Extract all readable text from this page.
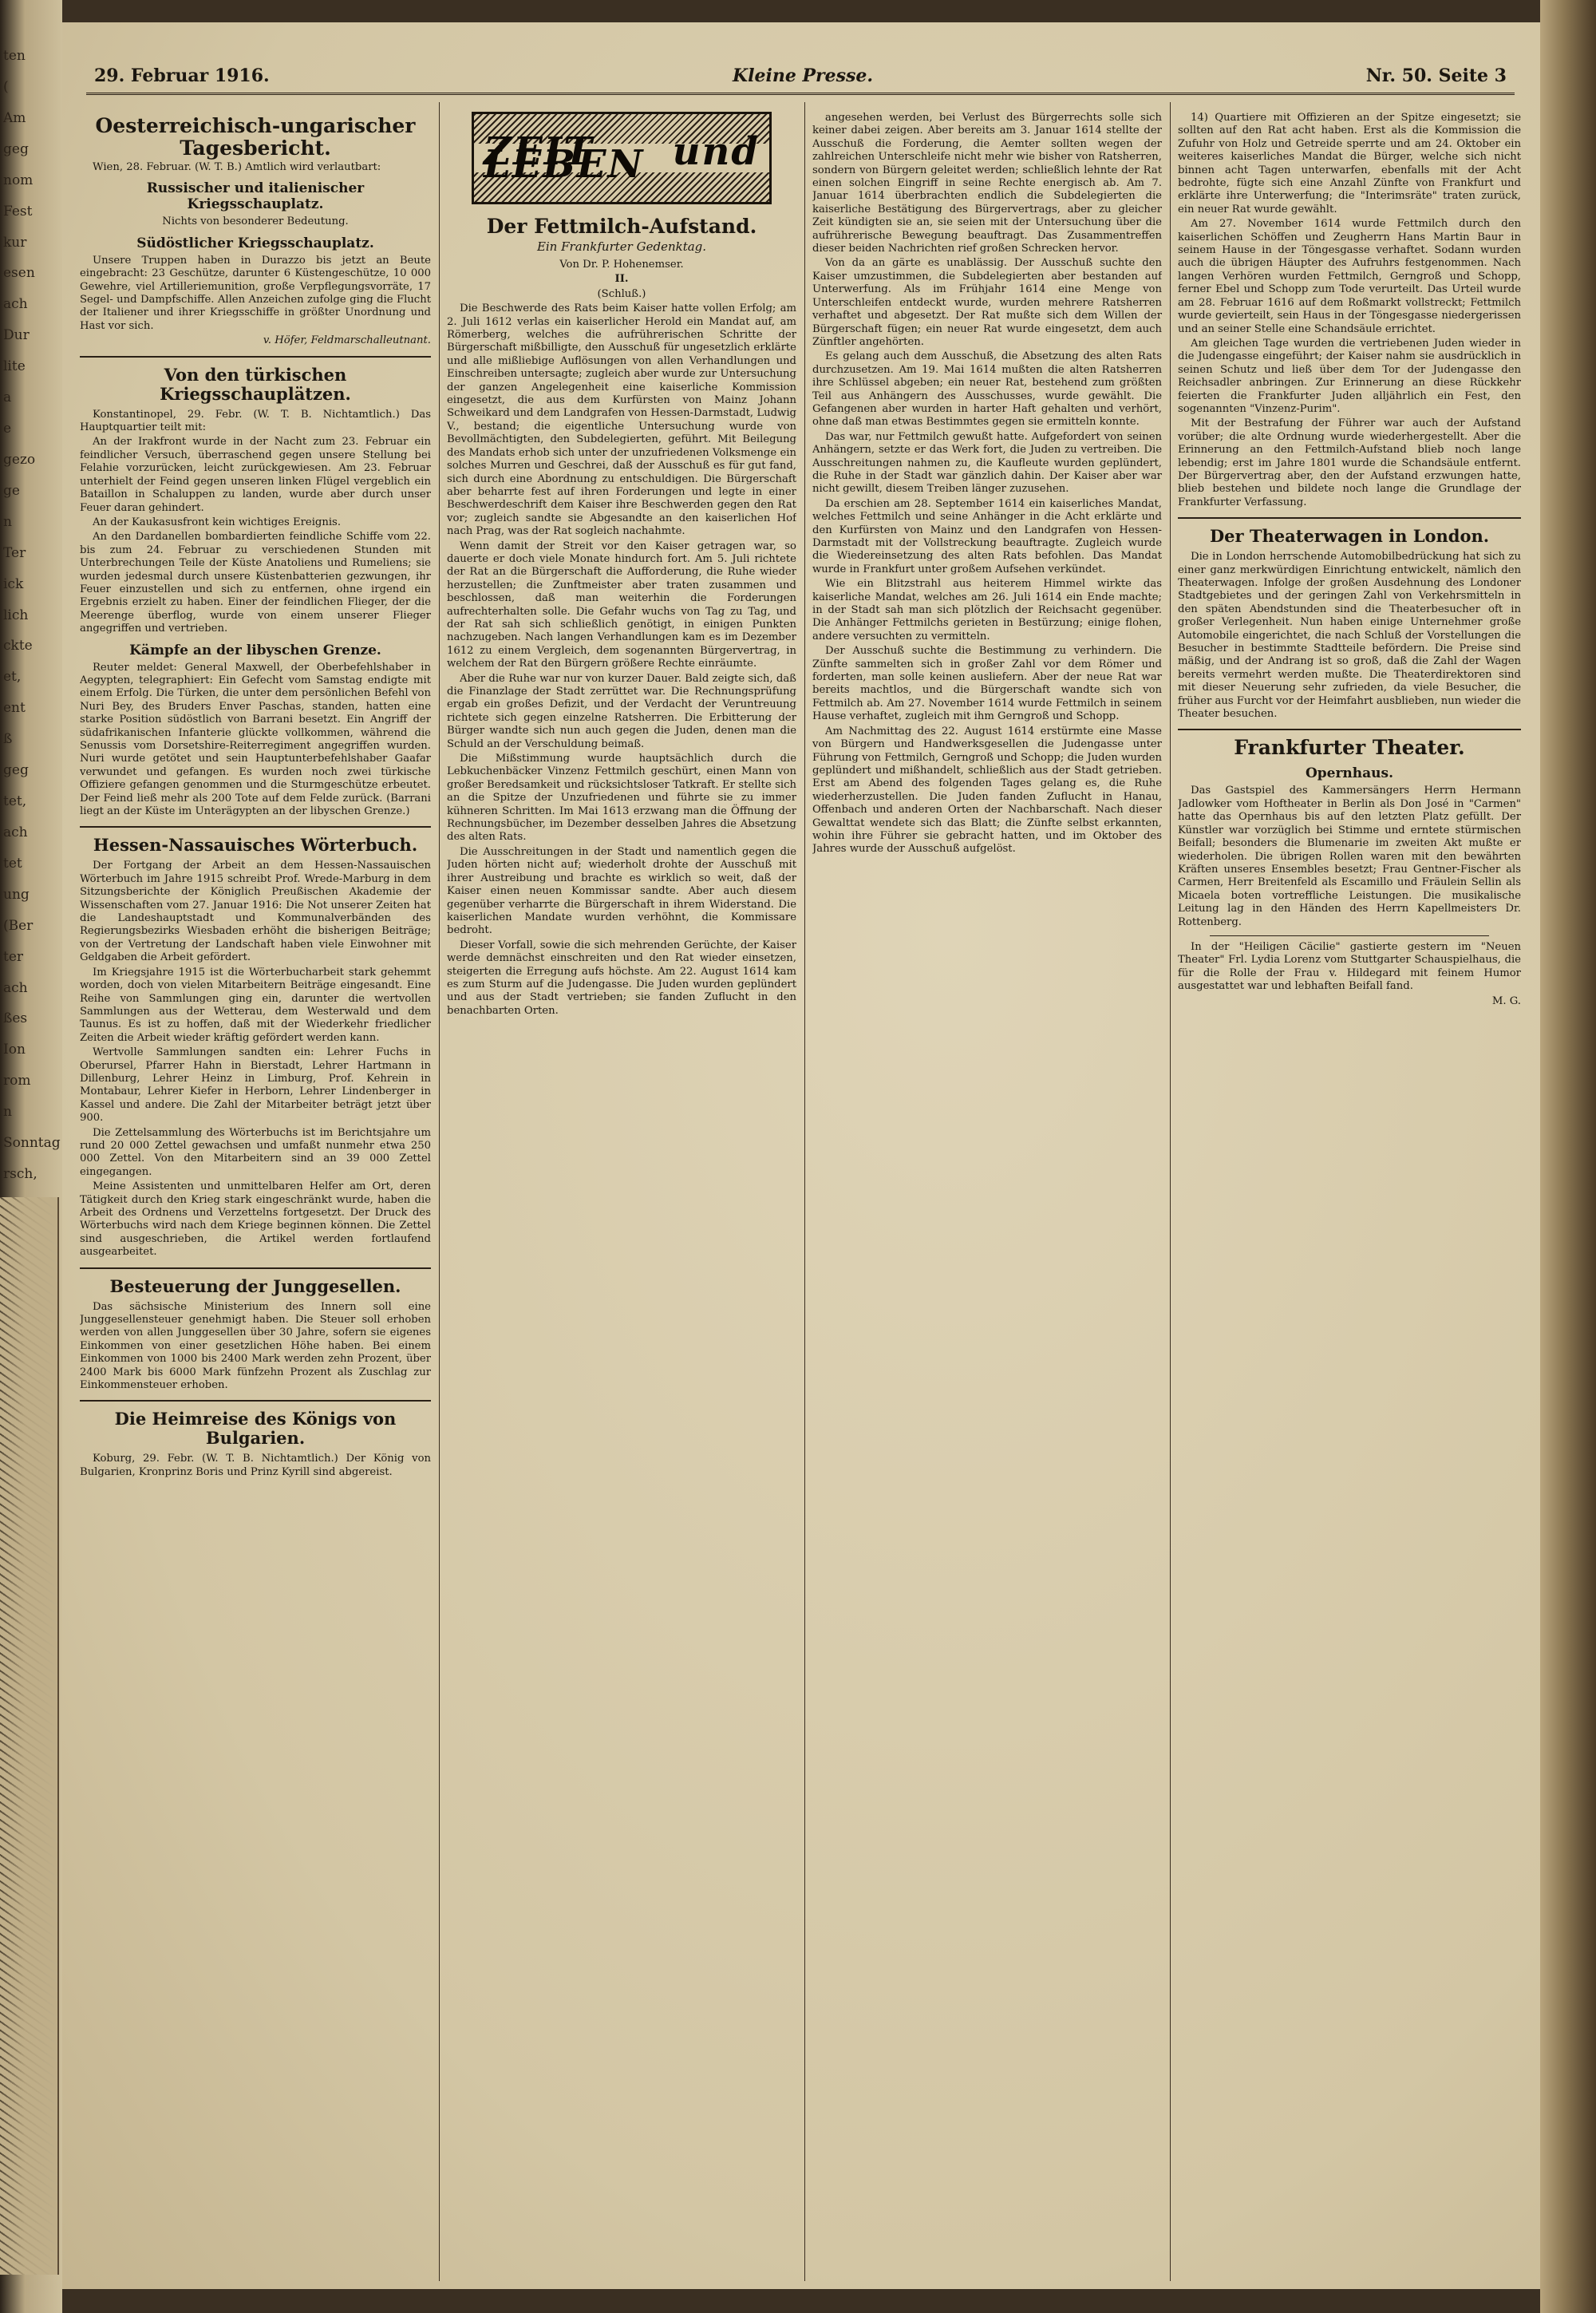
ten
(
Am
geg
nom
Fest
kur
esen
ach
Dur
lite
a
e
gezo
ge
n
Ter
ick
lich
ckte
et,
ent
ß
geg
tet,
ach
tet
ung
(Ber
ter
ach
ßes
Ion
rom
n
Sonntag
rsch,
29. Februar 1916.	Kleine Presse.	Nr. 50. Seite 3

Oesterreichisch-ungarischer Tagesbericht.

Wien, 28. Februar. (W. T. B.) Amtlich wird verlautbart:

Russischer und italienischer Kriegsschauplatz.

Nichts von besonderer Bedeutung.

Südöstlicher Kriegsschauplatz.

Unsere Truppen haben in Durazzo bis jetzt an Beute eingebracht: 23 Geschütze, darunter 6 Küstengeschütze, 10 000 Gewehre, viel Artilleriemunition, große Verpflegungsvorräte, 17 Segel- und Dampfschiffe. Allen Anzeichen zufolge ging die Flucht der Italiener und ihrer Kriegsschiffe in größter Unordnung und Hast vor sich.

v. Höfer, Feldmarschalleutnant.

Von den türkischen Kriegsschauplätzen.

Konstantinopel, 29. Febr. (W. T. B. Nichtamtlich.) Das Hauptquartier teilt mit:

An der Irakfront wurde in der Nacht zum 23. Februar ein feindlicher Versuch, überraschend gegen unsere Stellung bei Felahie vorzurücken, leicht zurückgewiesen. Am 23. Februar unterhielt der Feind gegen unseren linken Flügel vergeblich ein Bataillon in Schaluppen zu landen, wurde aber durch unser Feuer daran gehindert.

An der Kaukasusfront kein wichtiges Ereignis.

An den Dardanellen bombardierten feindliche Schiffe vom 22. bis zum 24. Februar zu verschiedenen Stunden mit Unterbrechungen Teile der Küste Anatoliens und Rumeliens; sie wurden jedesmal durch unsere Küstenbatterien gezwungen, ihr Feuer einzustellen und sich zu entfernen, ohne irgend ein Ergebnis erzielt zu haben. Einer der feindlichen Flieger, der die Meerenge überflog, wurde von einem unserer Flieger angegriffen und vertrieben.

Kämpfe an der libyschen Grenze.

Reuter meldet: General Maxwell, der Oberbefehlshaber in Aegypten, telegraphiert: Ein Gefecht vom Samstag endigte mit einem Erfolg. Die Türken, die unter dem persönlichen Befehl von Nuri Bey, des Bruders Enver Paschas, standen, hatten eine starke Position südöstlich von Barrani besetzt. Ein Angriff der südafrikanischen Infanterie glückte vollkommen, während die Senussis vom Dorsetshire-Reiterregiment angegriffen wurden. Nuri wurde getötet und sein Hauptunterbefehlshaber Gaafar verwundet und gefangen. Es wurden noch zwei türkische Offiziere gefangen genommen und die Sturmgeschütze erbeutet. Der Feind ließ mehr als 200 Tote auf dem Felde zurück. (Barrani liegt an der Küste im Unterägypten an der libyschen Grenze.)

Hessen-Nassauisches Wörterbuch.

Der Fortgang der Arbeit an dem Hessen-Nassauischen Wörterbuch im Jahre 1915 schreibt Prof. Wrede-Marburg in dem Sitzungsberichte der Königlich Preußischen Akademie der Wissenschaften vom 27. Januar 1916: Die Not unserer Zeiten hat die Landeshauptstadt und Kommunalverbänden des Regierungsbezirks Wiesbaden erhöht die bisherigen Beiträge; von der Vertretung der Landschaft haben viele Einwohner mit Geldgaben die Arbeit gefördert.

Im Kriegsjahre 1915 ist die Wörterbucharbeit stark gehemmt worden, doch von vielen Mitarbeitern Beiträge eingesandt. Eine Reihe von Sammlungen ging ein, darunter die wertvollen Sammlungen aus der Wetterau, dem Westerwald und dem Taunus. Es ist zu hoffen, daß mit der Wiederkehr friedlicher Zeiten die Arbeit wieder kräftig gefördert werden kann.

Wertvolle Sammlungen sandten ein: Lehrer Fuchs in Oberursel, Pfarrer Hahn in Bierstadt, Lehrer Hartmann in Dillenburg, Lehrer Heinz in Limburg, Prof. Kehrein in Montabaur, Lehrer Kiefer in Herborn, Lehrer Lindenberger in Kassel und andere. Die Zahl der Mitarbeiter beträgt jetzt über 900.

Die Zettelsammlung des Wörterbuchs ist im Berichtsjahre um rund 20 000 Zettel gewachsen und umfaßt nunmehr etwa 250 000 Zettel. Von den Mitarbeitern sind an 39 000 Zettel eingegangen.

Meine Assistenten und unmittelbaren Helfer am Ort, deren Tätigkeit durch den Krieg stark eingeschränkt wurde, haben die Arbeit des Ordnens und Verzettelns fortgesetzt. Der Druck des Wörterbuchs wird nach dem Kriege beginnen können. Die Zettel sind ausgeschrieben, die Artikel werden fortlaufend ausgearbeitet.

Besteuerung der Junggesellen.

Das sächsische Ministerium des Innern soll eine Junggesellensteuer genehmigt haben. Die Steuer soll erhoben werden von allen Junggesellen über 30 Jahre, sofern sie eigenes Einkommen von einer gesetzlichen Höhe haben. Bei einem Einkommen von 1000 bis 2400 Mark werden zehn Prozent, über 2400 Mark bis 6000 Mark fünfzehn Prozent als Zuschlag zur Einkommensteuer erhoben.

Die Heimreise des Königs von Bulgarien.

Koburg, 29. Febr. (W. T. B. Nichtamtlich.) Der König von Bulgarien, Kronprinz Boris und Prinz Kyrill sind abgereist.

ZEIT und LEBEN

Der Fettmilch-Aufstand.

Ein Frankfurter Gedenktag.

Von Dr. P. Hohenemser.

II.

(Schluß.)

Die Beschwerde des Rats beim Kaiser hatte vollen Erfolg; am 2. Juli 1612 verlas ein kaiserlicher Herold ein Mandat auf, am Römerberg, welches die aufrührerischen Schritte der Bürgerschaft mißbilligte, den Ausschuß für ungesetzlich erklärte und alle mißliebige Auflösungen von allen Verhandlungen und Einschreiben untersagte; zugleich aber wurde zur Untersuchung der ganzen Angelegenheit eine kaiserliche Kommission eingesetzt, die aus dem Kurfürsten von Mainz Johann Schweikard und dem Landgrafen von Hessen-Darmstadt, Ludwig V., bestand; die eigentliche Untersuchung wurde von Bevollmächtigten, den Subdelegierten, geführt. Mit Beilegung des Mandats erhob sich unter der unzufriedenen Volksmenge ein solches Murren und Geschrei, daß der Ausschuß es für gut fand, sich durch eine Abordnung zu entschuldigen. Die Bürgerschaft aber beharrte fest auf ihren Forderungen und legte in einer Beschwerdeschrift dem Kaiser ihre Beschwerden gegen den Rat vor; zugleich sandte sie Abgesandte an den kaiserlichen Hof nach Prag, was der Rat sogleich nachahmte.

Wenn damit der Streit vor den Kaiser getragen war, so dauerte er doch viele Monate hindurch fort. Am 5. Juli richtete der Rat an die Bürgerschaft die Aufforderung, die Ruhe wieder herzustellen; die Zunftmeister aber traten zusammen und beschlossen, daß man weiterhin die Forderungen aufrechterhalten solle. Die Gefahr wuchs von Tag zu Tag, und der Rat sah sich schließlich genötigt, in einigen Punkten nachzugeben. Nach langen Verhandlungen kam es im Dezember 1612 zu einem Vergleich, dem sogenannten Bürgervertrag, in welchem der Rat den Bürgern größere Rechte einräumte.

Aber die Ruhe war nur von kurzer Dauer. Bald zeigte sich, daß die Finanzlage der Stadt zerrüttet war. Die Rechnungsprüfung ergab ein großes Defizit, und der Verdacht der Veruntreuung richtete sich gegen einzelne Ratsherren. Die Erbitterung der Bürger wandte sich nun auch gegen die Juden, denen man die Schuld an der Verschuldung beimaß.

Die Mißstimmung wurde hauptsächlich durch die Lebkuchenbäcker Vinzenz Fettmilch geschürt, einen Mann von großer Beredsamkeit und rücksichtsloser Tatkraft. Er stellte sich an die Spitze der Unzufriedenen und führte sie zu immer kühneren Schritten. Im Mai 1613 erzwang man die Öffnung der Rechnungsbücher, im Dezember desselben Jahres die Absetzung des alten Rats.

Die Ausschreitungen in der Stadt und namentlich gegen die Juden hörten nicht auf; wiederholt drohte der Ausschuß mit ihrer Austreibung und brachte es wirklich so weit, daß der Kaiser einen neuen Kommissar sandte. Aber auch diesem gegenüber verharrte die Bürgerschaft in ihrem Widerstand. Die kaiserlichen Mandate wurden verhöhnt, die Kommissare bedroht.

Dieser Vorfall, sowie die sich mehrenden Gerüchte, der Kaiser werde demnächst einschreiten und den Rat wieder einsetzen, steigerten die Erregung aufs höchste. Am 22. August 1614 kam es zum Sturm auf die Judengasse. Die Juden wurden geplündert und aus der Stadt vertrieben; sie fanden Zuflucht in den benachbarten Orten.

angesehen werden, bei Verlust des Bürgerrechts solle sich keiner dabei zeigen. Aber bereits am 3. Januar 1614 stellte der Ausschuß die Forderung, die Aemter sollten wegen der zahlreichen Unterschleife nicht mehr wie bisher von Ratsherren, sondern von Bürgern geleitet werden; schließlich lehnte der Rat einen solchen Eingriff in seine Rechte energisch ab. Am 7. Januar 1614 überbrachten endlich die Subdelegierten die kaiserliche Bestätigung des Bürgervertrags, aber zu gleicher Zeit kündigten sie an, sie seien mit der Untersuchung über die aufrührerische Bewegung beauftragt. Das Zusammentreffen dieser beiden Nachrichten rief großen Schrecken hervor.

Von da an gärte es unablässig. Der Ausschuß suchte den Kaiser umzustimmen, die Subdelegierten aber bestanden auf Unterwerfung. Als im Frühjahr 1614 eine Menge von Unterschleifen entdeckt wurde, wurden mehrere Ratsherren verhaftet und abgesetzt. Der Rat mußte sich dem Willen der Bürgerschaft fügen; ein neuer Rat wurde eingesetzt, dem auch Zünftler angehörten.

Es gelang auch dem Ausschuß, die Absetzung des alten Rats durchzusetzen. Am 19. Mai 1614 mußten die alten Ratsherren ihre Schlüssel abgeben; ein neuer Rat, bestehend zum größten Teil aus Anhängern des Ausschusses, wurde gewählt. Die Gefangenen aber wurden in harter Haft gehalten und verhört, ohne daß man etwas Bestimmtes gegen sie ermitteln konnte.

Das war, nur Fettmilch gewußt hatte. Aufgefordert von seinen Anhängern, setzte er das Werk fort, die Juden zu vertreiben. Die Ausschreitungen nahmen zu, die Kaufleute wurden geplündert, die Ruhe in der Stadt war gänzlich dahin. Der Kaiser aber war nicht gewillt, diesem Treiben länger zuzusehen.

Da erschien am 28. September 1614 ein kaiserliches Mandat, welches Fettmilch und seine Anhänger in die Acht erklärte und den Kurfürsten von Mainz und den Landgrafen von Hessen-Darmstadt mit der Vollstreckung beauftragte. Zugleich wurde die Wiedereinsetzung des alten Rats befohlen. Das Mandat wurde in Frankfurt unter großem Aufsehen verkündet.

Wie ein Blitzstrahl aus heiterem Himmel wirkte das kaiserliche Mandat, welches am 26. Juli 1614 ein Ende machte; in der Stadt sah man sich plötzlich der Reichsacht gegenüber. Die Anhänger Fettmilchs gerieten in Bestürzung; einige flohen, andere versuchten zu vermitteln.

Der Ausschuß suchte die Bestimmung zu verhindern. Die Zünfte sammelten sich in großer Zahl vor dem Römer und forderten, man solle keinen ausliefern. Aber der neue Rat war bereits machtlos, und die Bürgerschaft wandte sich von Fettmilch ab. Am 27. November 1614 wurde Fettmilch in seinem Hause verhaftet, zugleich mit ihm Gerngroß und Schopp.

Am Nachmittag des 22. August 1614 erstürmte eine Masse von Bürgern und Handwerksgesellen die Judengasse unter Führung von Fettmilch, Gerngroß und Schopp; die Juden wurden geplündert und mißhandelt, schließlich aus der Stadt getrieben. Erst am Abend des folgenden Tages gelang es, die Ruhe wiederherzustellen. Die Juden fanden Zuflucht in Hanau, Offenbach und anderen Orten der Nachbarschaft. Nach dieser Gewalttat wendete sich das Blatt; die Zünfte selbst erkannten, wohin ihre Führer sie gebracht hatten, und im Oktober des Jahres wurde der Ausschuß aufgelöst.

14) Quartiere mit Offizieren an der Spitze eingesetzt; sie sollten auf den Rat acht haben. Erst als die Kommission die Zufuhr von Holz und Getreide sperrte und am 24. Oktober ein weiteres kaiserliches Mandat die Bürger, welche sich nicht binnen acht Tagen unterwarfen, ebenfalls mit der Acht bedrohte, fügte sich eine Anzahl Zünfte von Frankfurt und erklärte ihre Unterwerfung; die "Interimsräte" traten zurück, ein neuer Rat wurde gewählt.

Am 27. November 1614 wurde Fettmilch durch den kaiserlichen Schöffen und Zeugherrn Hans Martin Baur in seinem Hause in der Töngesgasse verhaftet. Sodann wurden auch die übrigen Häupter des Aufruhrs festgenommen. Nach langen Verhören wurden Fettmilch, Gerngroß und Schopp, ferner Ebel und Schopp zum Tode verurteilt. Das Urteil wurde am 28. Februar 1616 auf dem Roßmarkt vollstreckt; Fettmilch wurde gevierteilt, sein Haus in der Töngesgasse niedergerissen und an seiner Stelle eine Schandsäule errichtet.

Am gleichen Tage wurden die vertriebenen Juden wieder in die Judengasse eingeführt; der Kaiser nahm sie ausdrücklich in seinen Schutz und ließ über dem Tor der Judengasse den Reichsadler anbringen. Zur Erinnerung an diese Rückkehr feierten die Frankfurter Juden alljährlich ein Fest, den sogenannten "Vinzenz-Purim".

Mit der Bestrafung der Führer war auch der Aufstand vorüber; die alte Ordnung wurde wiederhergestellt. Aber die Erinnerung an den Fettmilch-Aufstand blieb noch lange lebendig; erst im Jahre 1801 wurde die Schandsäule entfernt. Der Bürgervertrag aber, den der Aufstand erzwungen hatte, blieb bestehen und bildete noch lange die Grundlage der Frankfurter Verfassung.

Der Theaterwagen in London.

Die in London herrschende Automobilbedrückung hat sich zu einer ganz merkwürdigen Einrichtung entwickelt, nämlich den Theaterwagen. Infolge der großen Ausdehnung des Londoner Stadtgebietes und der geringen Zahl von Verkehrsmitteln in den späten Abendstunden sind die Theaterbesucher oft in großer Verlegenheit. Nun haben einige Unternehmer große Automobile eingerichtet, die nach Schluß der Vorstellungen die Besucher in bestimmte Stadtteile befördern. Die Preise sind mäßig, und der Andrang ist so groß, daß die Zahl der Wagen bereits vermehrt werden mußte. Die Theaterdirektoren sind mit dieser Neuerung sehr zufrieden, da viele Besucher, die früher aus Furcht vor der Heimfahrt ausblieben, nun wieder die Theater besuchen.

Frankfurter Theater.

Opernhaus.

Das Gastspiel des Kammersängers Herrn Hermann Jadlowker vom Hoftheater in Berlin als Don José in "Carmen" hatte das Opernhaus bis auf den letzten Platz gefüllt. Der Künstler war vorzüglich bei Stimme und erntete stürmischen Beifall; besonders die Blumenarie im zweiten Akt mußte er wiederholen. Die übrigen Rollen waren mit den bewährten Kräften unseres Ensembles besetzt; Frau Gentner-Fischer als Carmen, Herr Breitenfeld als Escamillo und Fräulein Sellin als Micaela boten vortreffliche Leistungen. Die musikalische Leitung lag in den Händen des Herrn Kapellmeisters Dr. Rottenberg.

In der "Heiligen Cäcilie" gastierte gestern im "Neuen Theater" Frl. Lydia Lorenz vom Stuttgarter Schauspielhaus, die für die Rolle der Frau v. Hildegard mit feinem Humor ausgestattet war und lebhaften Beifall fand.

M. G.
